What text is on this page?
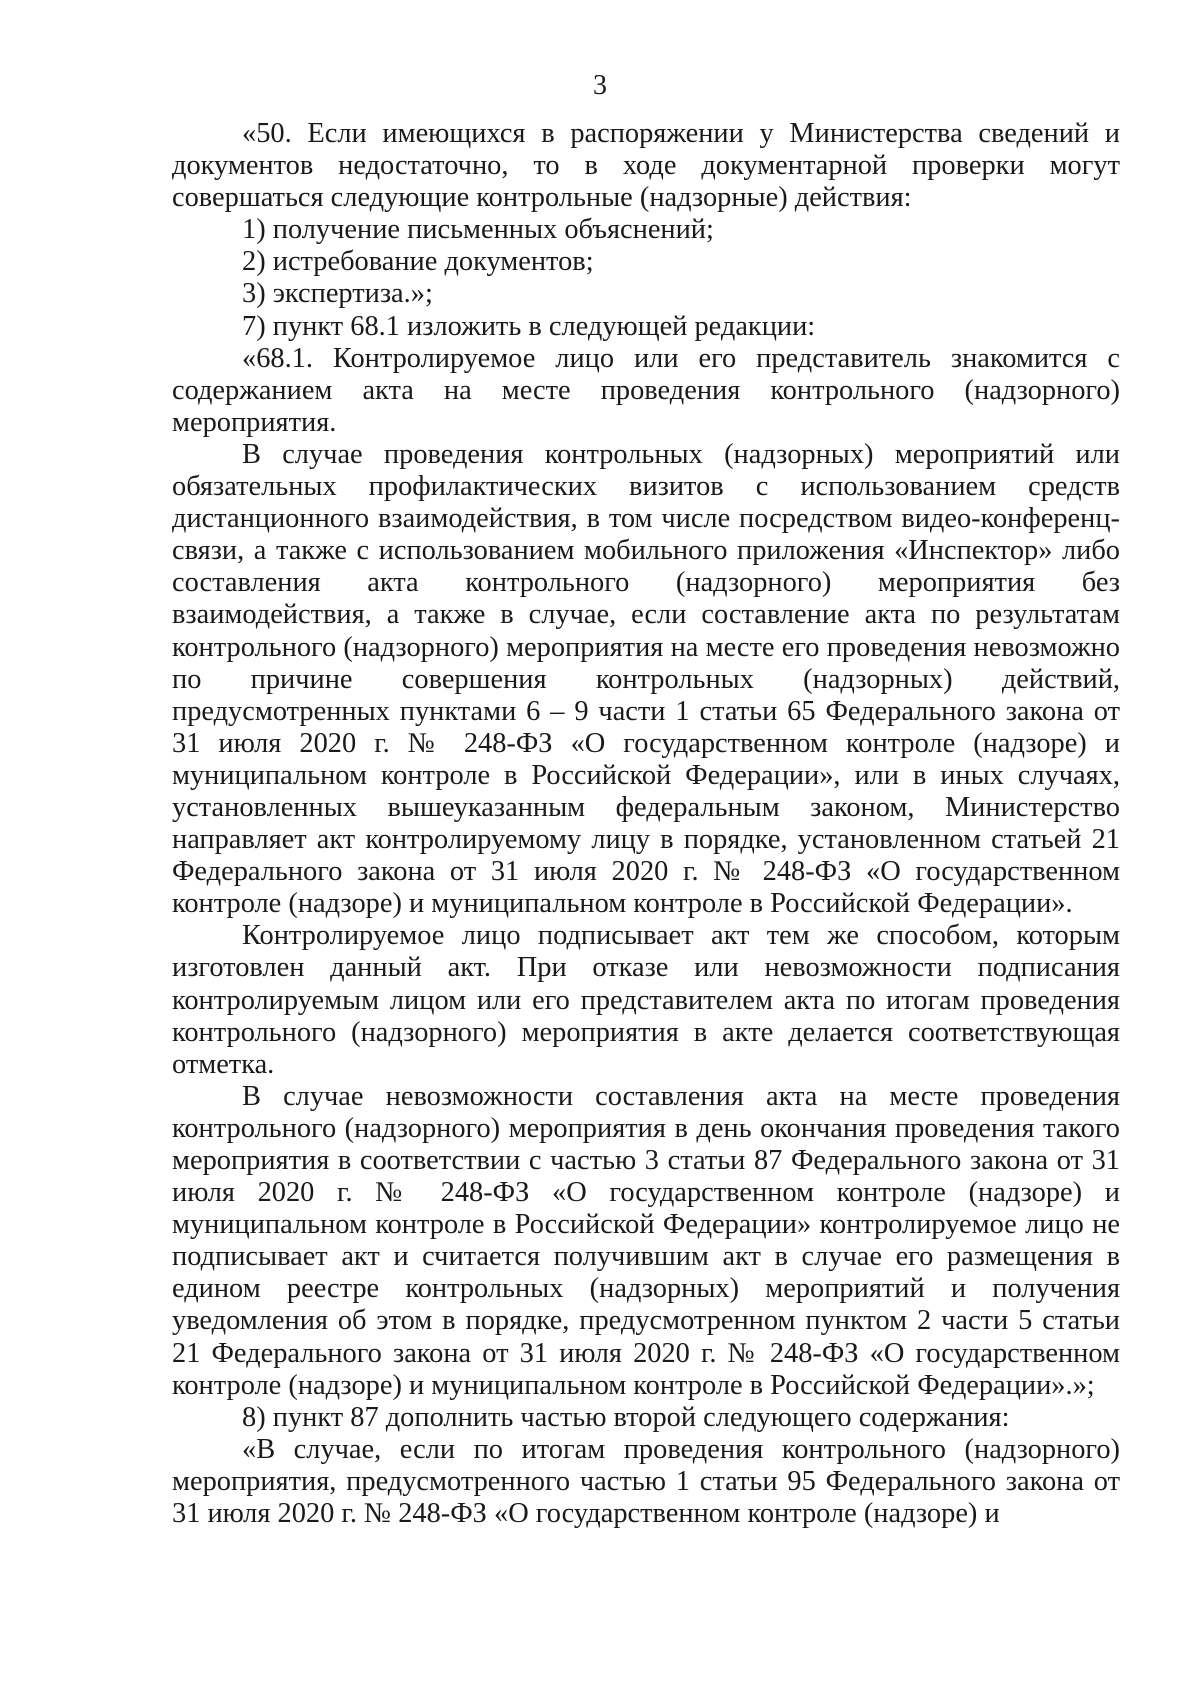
3

«50. Если имеющихся в распоряжении у Министерства сведений и документов недостаточно, то в ходе документарной проверки могут совершаться следующие контрольные (надзорные) действия:

1) получение письменных объяснений;

2) истребование документов;

3) экспертиза.»;

7) пункт 68.1 изложить в следующей редакции:

«68.1. Контролируемое лицо или его представитель знакомится с содержанием акта на месте проведения контрольного (надзорного) мероприятия.

В случае проведения контрольных (надзорных) мероприятий или обязательных профилактических визитов с использованием средств дистанционного взаимодействия, в том числе посредством видео-конференц-связи, а также с использованием мобильного приложения «Инспектор» либо составления акта контрольного (надзорного) мероприятия без взаимодействия, а также в случае, если составление акта по результатам контрольного (надзорного) мероприятия на месте его проведения невозможно по причине совершения контрольных (надзорных) действий, предусмотренных пунктами 6 – 9 части 1 статьи 65 Федерального закона от 31 июля 2020 г. № 248-ФЗ «О государственном контроле (надзоре) и муниципальном контроле в Российской Федерации», или в иных случаях, установленных вышеуказанным федеральным законом, Министерство направляет акт контролируемому лицу в порядке, установленном статьей 21 Федерального закона от 31 июля 2020 г. № 248-ФЗ «О государственном контроле (надзоре) и муниципальном контроле в Российской Федерации».

Контролируемое лицо подписывает акт тем же способом, которым изготовлен данный акт. При отказе или невозможности подписания контролируемым лицом или его представителем акта по итогам проведения контрольного (надзорного) мероприятия в акте делается соответствующая отметка.

В случае невозможности составления акта на месте проведения контрольного (надзорного) мероприятия в день окончания проведения такого мероприятия в соответствии с частью 3 статьи 87 Федерального закона от 31 июля 2020 г. № 248-ФЗ «О государственном контроле (надзоре) и муниципальном контроле в Российской Федерации» контролируемое лицо не подписывает акт и считается получившим акт в случае его размещения в едином реестре контрольных (надзорных) мероприятий и получения уведомления об этом в порядке, предусмотренном пунктом 2 части 5 статьи 21 Федерального закона от 31 июля 2020 г. № 248-ФЗ «О государственном контроле (надзоре) и муниципальном контроле в Российской Федерации».»;

8) пункт 87 дополнить частью второй следующего содержания:

«В случае, если по итогам проведения контрольного (надзорного) мероприятия, предусмотренного частью 1 статьи 95 Федерального закона от 31 июля 2020 г. № 248-ФЗ «О государственном контроле (надзоре) и
